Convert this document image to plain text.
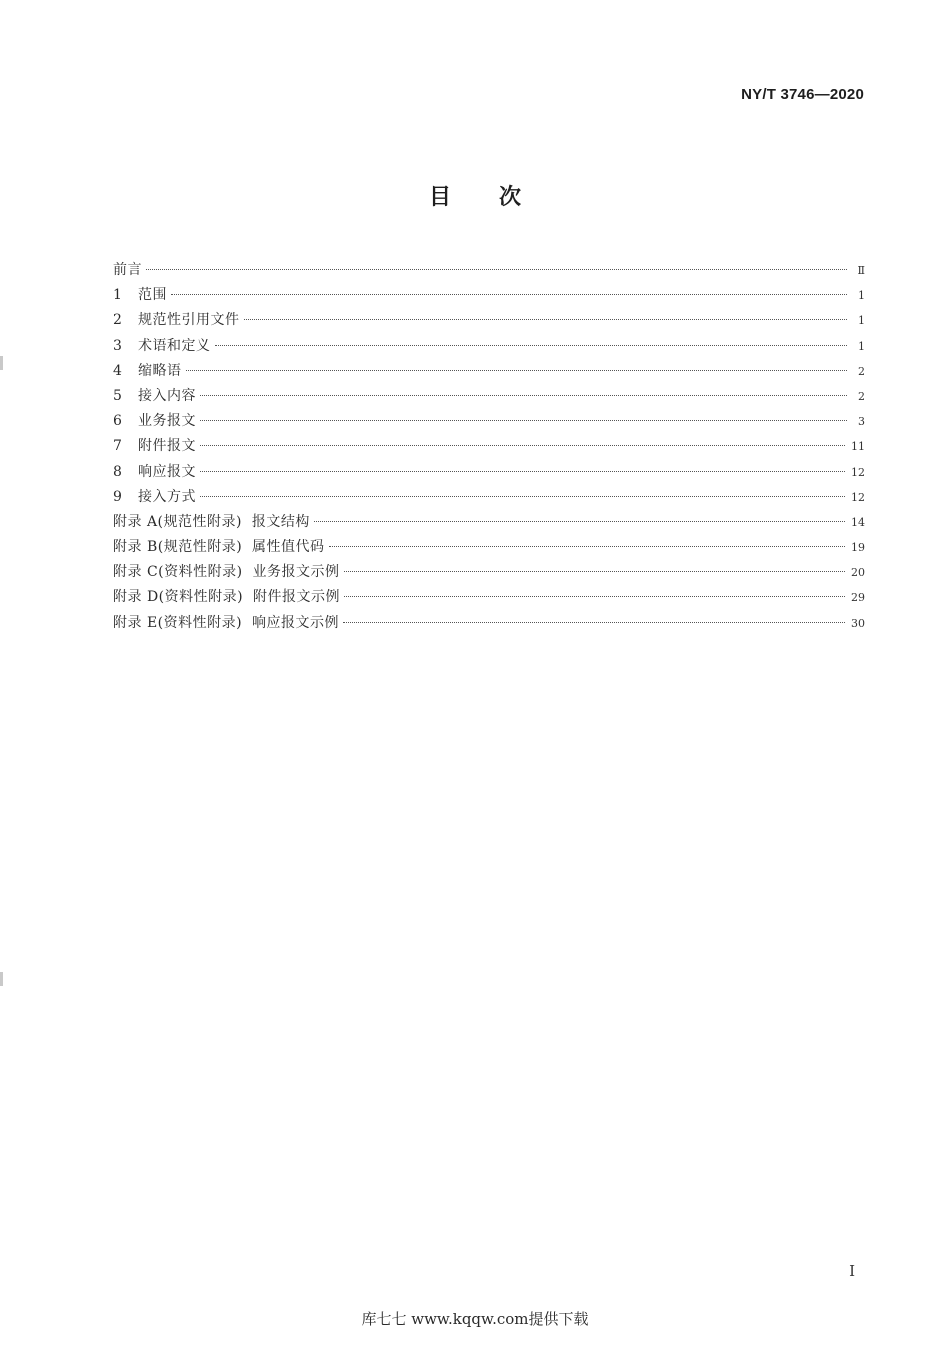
NY/T 3746—2020
目次
前言	Ⅱ
1	范围	1
2	规范性引用文件	1
3	术语和定义	1
4	缩略语	2
5	接入内容	2
6	业务报文	3
7	附件报文	11
8	响应报文	12
9	接入方式	12
附录 A(规范性附录)  报文结构	14
附录 B(规范性附录)  属性值代码	19
附录 C(资料性附录)  业务报文示例	20
附录 D(资料性附录)  附件报文示例	29
附录 E(资料性附录)  响应报文示例	30
I
库七七 www.kqqw.com提供下载
